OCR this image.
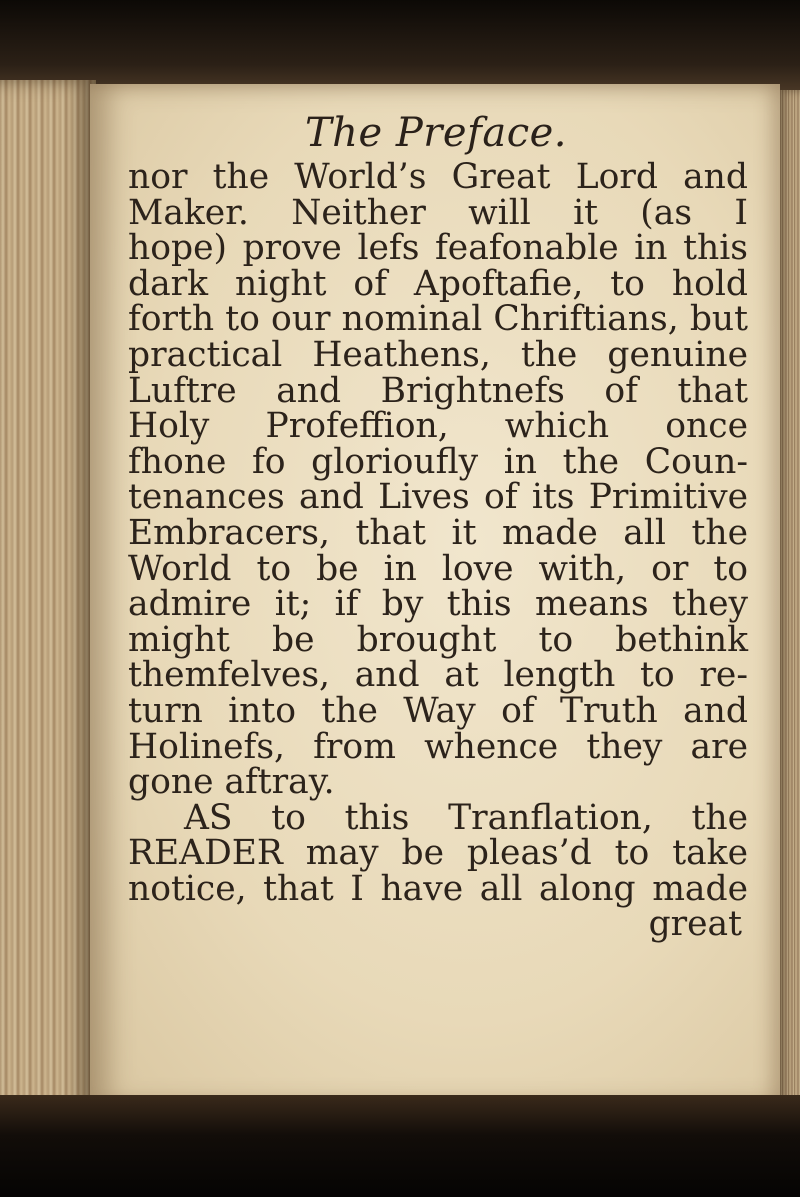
The Preface.
nor the World’s Great Lord and
Maker. Neither will it (as I
hope) prove lefs feafonable in this
dark night of Apoftafie, to hold
forth to our nominal Chriftians, but
practical Heathens, the genuine
Luftre and Brightnefs of that
Holy Profeffion, which once
fhone fo glorioufly in the Coun-
tenances and Lives of its Primitive
Embracers, that it made all the
World to be in love with, or to
admire it; if by this means they
might be brought to bethink
themfelves, and at length to re-
turn into the Way of Truth and
Holinefs, from whence they are
gone aftray.
AS to this Tranflation, the
READER may be pleas’d to take
notice, that I have all along made
great
